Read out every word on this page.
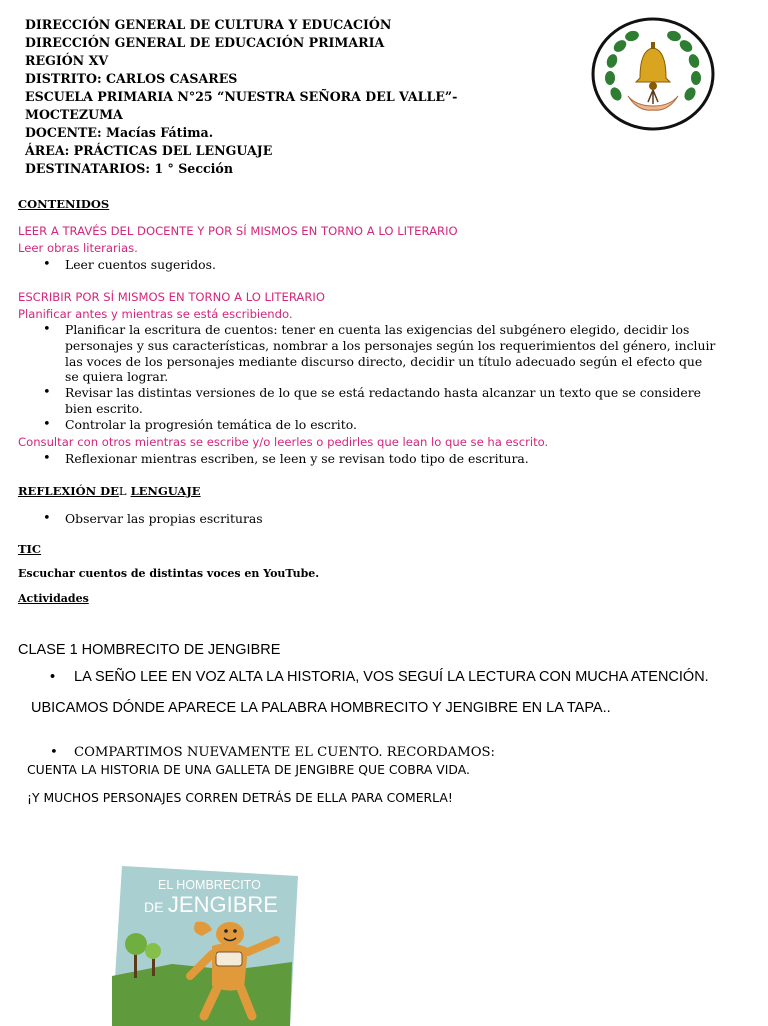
DIRECCIÓN GENERAL DE CULTURA Y EDUCACIÓN
DIRECCIÓN GENERAL DE EDUCACIÓN PRIMARIA
REGIÓN XV
DISTRITO: CARLOS CASARES
ESCUELA PRIMARIA N°25 “NUESTRA SEÑORA DEL VALLE”-
MOCTEZUMA
DOCENTE: Macías Fátima.
ÁREA: PRÁCTICAS DEL LENGUAJE
DESTINATARIOS: 1 ° Sección
CONTENIDOS
LEER A TRAVÉS DEL DOCENTE Y POR SÍ MISMOS EN TORNO A LO LITERARIO
Leer obras literarias.
• Leer cuentos sugeridos.
ESCRIBIR POR SÍ MISMOS EN TORNO A LO LITERARIO
Planificar antes y mientras se está escribiendo.
• Planificar la escritura de cuentos: tener en cuenta las exigencias del subgénero elegido, decidir los personajes y sus características, nombrar a los personajes según los requerimientos del género, incluir las voces de los personajes mediante discurso directo, decidir un título adecuado según el efecto que se quiera lograr.
• Revisar las distintas versiones de lo que se está redactando hasta alcanzar un texto que se considere bien escrito.
• Controlar la progresión temática de lo escrito.
Consultar con otros mientras se escribe y/o leerles o pedirles que lean lo que se ha escrito.
• Reflexionar mientras escriben, se leen y se revisan todo tipo de escritura.
REFLEXIÓN DEL LENGUAJE
• Observar las propias escrituras
TIC
Escuchar cuentos de distintas voces en YouTube.
Actividades
CLASE 1 HOMBRECITO DE JENGIBRE
• LA SEÑO LEE EN VOZ ALTA LA HISTORIA, VOS SEGUÍ LA LECTURA CON MUCHA ATENCIÓN.
UBICAMOS DÓNDE APARECE LA PALABRA HOMBRECITO Y JENGIBRE EN LA TAPA..
• COMPARTIMOS NUEVAMENTE EL CUENTO. RECORDAMOS:
CUENTA LA HISTORIA DE UNA GALLETA DE JENGIBRE QUE COBRA VIDA.
¡Y MUCHOS PERSONAJES CORREN DETRÁS DE ELLA PARA COMERLA!
EL HOMBRECITO
DE JENGIBRE
